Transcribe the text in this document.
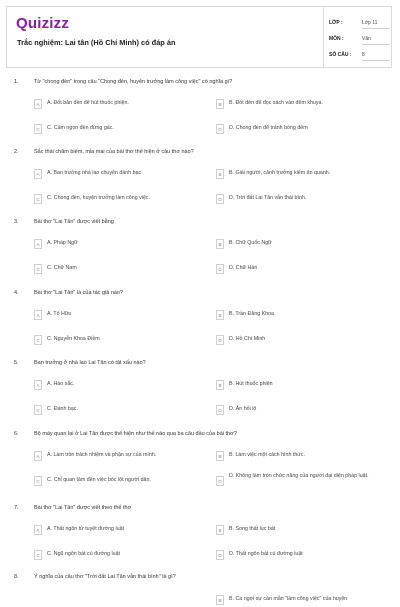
Quizizz
Trắc nghiệm: Lai tân (Hồ Chí Minh) có đáp án
LỚP :	Lớp 11
MÔN :	Văn
SỐ CÂU : 8
1.	Từ "chong đèn" trong câu "Chong đèn, huyện trưởng làm công việc" có nghĩa gì?
A	A. Đốt bản đèn để hút thuốc phiện.	B	B. Đốt đèn để đọc sách vào đêm khuya.
C	C. Cầm ngọn đèn đứng gác.	D	D. Chong đèn để tránh bóng đêm
2.	Sắc thái châm biếm, mỉa mai của bài thơ thể hiện ở câu thơ nào?
A	A. Ban trưởng nhà lao chuyên đánh bạc.	B	B. Giải người, cảnh trưởng kiếm ăn quanh.
C	C. Chong đèn, huyện trưởng làm công việc.	D	D. Trời đất Lai Tân vẫn thái bình.
3.	Bài thơ "Lai Tân" được viết bằng
A	A. Pháp Ngữ	B	B. Chữ Quốc Ngữ
C	C. Chữ Nam	D	D. Chữ Hán
4.	Bài thơ "Lai Tân" là của tác giả nào?
A	A. Tố Hữu	B	B. Trần Đăng Khoa
C	C. Nguyễn Khoa Điềm	D	D. Hồ Chí Minh
5.	Ban trưởng ở nhà lao Lai Tân có tật xấu nào?
A	A. Háo sắc.	B	B. Hút thuốc phiện
C	C. Đánh bạc.	D	D. Ăn hối lộ
6.	Bộ máy quan lại ở Lai Tân được thể hiện như thế nào qua ba câu đầu của bài thơ?
A	A. Làm tròn trách nhiệm và phận sự của mình.	B	B. Làm việc một cách hình thức.
C	C. Chỉ quan tâm đến việc bóc lột người dân.	D
D. Không làm tròn chức năng của người đại diện pháp luật.
7.	Bài thơ "Lai Tân" được viết theo thể thơ
A	A. Thất ngôn tứ tuyệt đường luật	B	B. Song thất lục bát
C	C. Ngũ ngôn bát cú đường luật	D	D. Thất ngôn bát cú đường luật
8.	Ý nghĩa của câu thơ "Trời đất Lai Tân vẫn thái bình" là gì?
B	B. Ca ngợi sự cần mẫn "làm công việc" của huyện
